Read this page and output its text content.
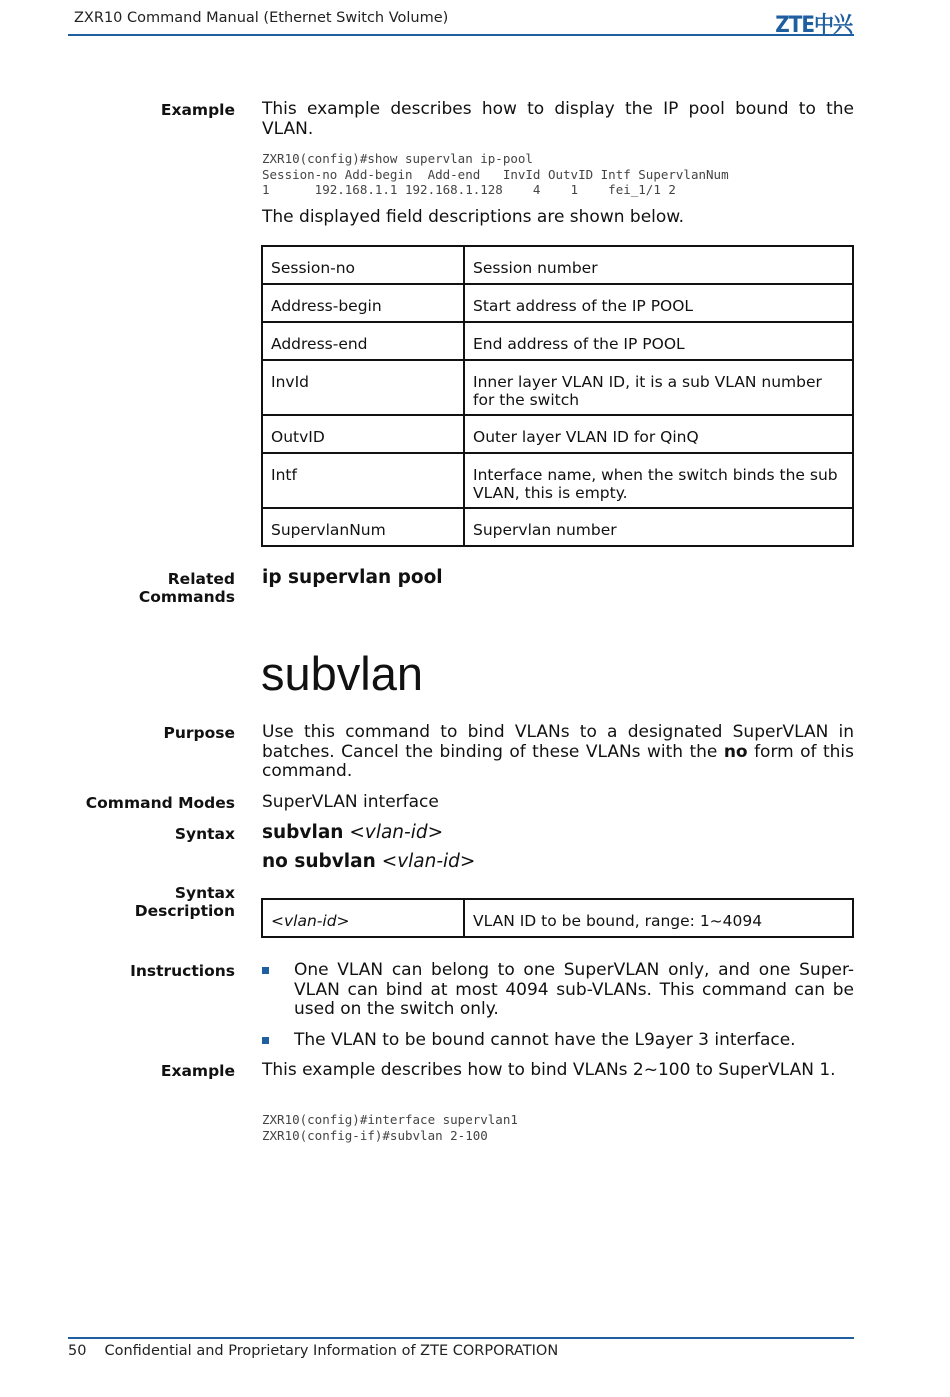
ZXR10 Command Manual (Ethernet Switch Volume)	ZTE中兴
Example This example describes how to display the IP pool bound to the VLAN.
ZXR10(config)#show supervlan ip-pool
Session-no Add-begin  Add-end   InvId OutvID Intf SupervlanNum
1      192.168.1.1 192.168.1.128    4    1    fei_1/1 2
The displayed field descriptions are shown below.
Session-no	Session number
Address-begin	Start address of the IP POOL
Address-end	End address of the IP POOL
InvId	Inner layer VLAN ID, it is a sub VLAN number for the switch
OutvID	Outer layer VLAN ID for QinQ
Intf	Interface name, when the switch binds the sub VLAN, this is empty.
SupervlanNum	Supervlan number
Related
Commands
ip supervlan pool
subvlan
Purpose Use this command to bind VLANs to a designated SuperVLAN in batches. Cancel the binding of these VLANs with the no form of this command.
Command Modes SuperVLAN interface
Syntax subvlan <vlan-id>
no subvlan <vlan-id>
Syntax
Description
<vlan-id>	VLAN ID to be bound, range: 1~4094
Instructions	One VLAN can belong to one SuperVLAN only, and one Super-VLAN can bind at most 4094 sub-VLANs. This command can be used on the switch only.
The VLAN to be bound cannot have the L9ayer 3 interface.
Example This example describes how to bind VLANs 2~100 to SuperVLAN 1.
ZXR10(config)#interface supervlan1
ZXR10(config-if)#subvlan 2-100
50 Confidential and Proprietary Information of ZTE CORPORATION
